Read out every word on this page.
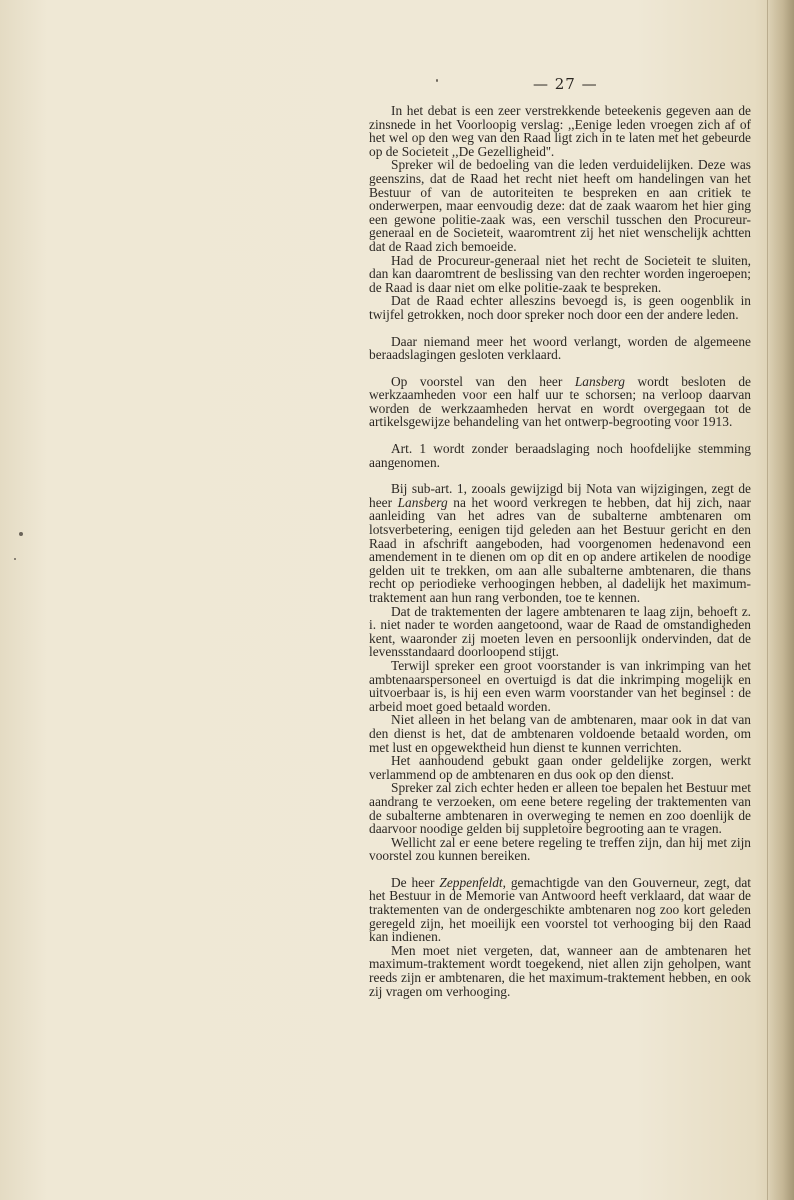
— 27 —

In het debat is een zeer verstrekkende beteekenis gegeven aan de zinsnede in het Voorloopig verslag: ,,Eenige leden vroegen zich af of het wel op den weg van den Raad ligt zich in te laten met het gebeurde op de Societeit ,,De Gezelligheid''.

Spreker wil de bedoeling van die leden verduidelijken. Deze was geenszins, dat de Raad het recht niet heeft om handelingen van het Bestuur of van de autoriteiten te bespreken en aan critiek te onderwerpen, maar eenvoudig deze: dat de zaak waarom het hier ging een gewone politie-zaak was, een verschil tusschen den Procureur-generaal en de Societeit, waaromtrent zij het niet wenschelijk achtten dat de Raad zich bemoeide.

Had de Procureur-generaal niet het recht de Societeit te sluiten, dan kan daaromtrent de beslissing van den rechter worden ingeroepen; de Raad is daar niet om elke politie-zaak te bespreken.

Dat de Raad echter alleszins bevoegd is, is geen oogenblik in twijfel getrokken, noch door spreker noch door een der andere leden.

Daar niemand meer het woord verlangt, worden de algemeene beraadslagingen gesloten verklaard.

Op voorstel van den heer Lansberg wordt besloten de werkzaamheden voor een half uur te schorsen; na verloop daarvan worden de werkzaamheden hervat en wordt overgegaan tot de artikelsgewijze behandeling van het ontwerp-begrooting voor 1913.

Art. 1 wordt zonder beraadslaging noch hoofdelijke stemming aangenomen.

Bij sub-art. 1, zooals gewijzigd bij Nota van wijzigingen, zegt de heer Lansberg na het woord verkregen te hebben, dat hij zich, naar aanleiding van het adres van de subalterne ambtenaren om lotsverbetering, eenigen tijd geleden aan het Bestuur gericht en den Raad in afschrift aangeboden, had voorgenomen hedenavond een amendement in te dienen om op dit en op andere artikelen de noodige gelden uit te trekken, om aan alle subalterne ambtenaren, die thans recht op periodieke verhoogingen hebben, al dadelijk het maximum-traktement aan hun rang verbonden, toe te kennen.

Dat de traktementen der lagere ambtenaren te laag zijn, behoeft z. i. niet nader te worden aangetoond, waar de Raad de omstandigheden kent, waaronder zij moeten leven en persoonlijk ondervinden, dat de levensstandaard doorloopend stijgt.

Terwijl spreker een groot voorstander is van inkrimping van het ambtenaarspersoneel en overtuigd is dat die inkrimping mogelijk en uitvoerbaar is, is hij een even warm voorstander van het beginsel : de arbeid moet goed betaald worden.

Niet alleen in het belang van de ambtenaren, maar ook in dat van den dienst is het, dat de ambtenaren voldoende betaald worden, om met lust en opgewektheid hun dienst te kunnen verrichten.

Het aanhoudend gebukt gaan onder geldelijke zorgen, werkt verlammend op de ambtenaren en dus ook op den dienst.

Spreker zal zich echter heden er alleen toe bepalen het Bestuur met aandrang te verzoeken, om eene betere regeling der traktementen van de subalterne ambtenaren in overweging te nemen en zoo doenlijk de daarvoor noodige gelden bij suppletoire begrooting aan te vragen.

Wellicht zal er eene betere regeling te treffen zijn, dan hij met zijn voorstel zou kunnen bereiken.

De heer Zeppenfeldt, gemachtigde van den Gouverneur, zegt, dat het Bestuur in de Memorie van Antwoord heeft verklaard, dat waar de traktementen van de ondergeschikte ambtenaren nog zoo kort geleden geregeld zijn, het moeilijk een voorstel tot verhooging bij den Raad kan indienen.

Men moet niet vergeten, dat, wanneer aan de ambtenaren het maximum-traktement wordt toegekend, niet allen zijn geholpen, want reeds zijn er ambtenaren, die het maximum-traktement hebben, en ook zij vragen om verhooging.
